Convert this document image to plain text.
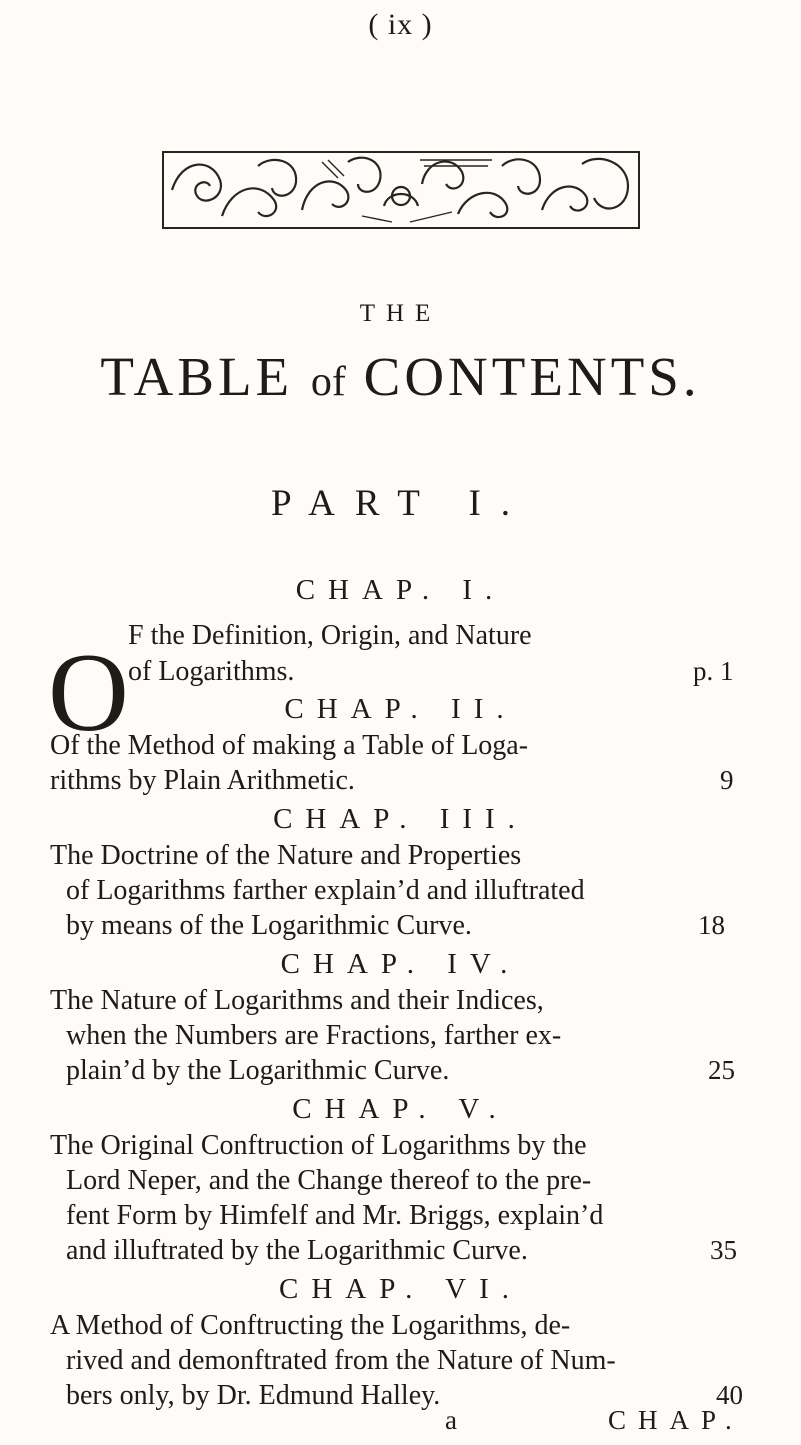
( ix )
THE
TABLE of CONTENTS.
PART I.
CHAP. I.
O F the Definition, Origin, and Nature
of Logarithms.	p. 1
CHAP. II.
Of the Method of making a Table of Loga-
rithms by Plain Arithmetic.	9
CHAP. III.
The Doctrine of the Nature and Properties
of Logarithms farther explain’d and illuftrated
by means of the Logarithmic Curve.	18
CHAP. IV.
The Nature of Logarithms and their Indices,
when the Numbers are Fractions, farther ex-
plain’d by the Logarithmic Curve.	25
CHAP. V.
The Original Conftruction of Logarithms by the
Lord Neper, and the Change thereof to the pre-
fent Form by Himfelf and Mr. Briggs, explain’d
and illuftrated by the Logarithmic Curve.	35
CHAP. VI.
A Method of Conftructing the Logarithms, de-
rived and demonftrated from the Nature of Num-
bers only, by Dr. Edmund Halley.	40
a	CHAP.
